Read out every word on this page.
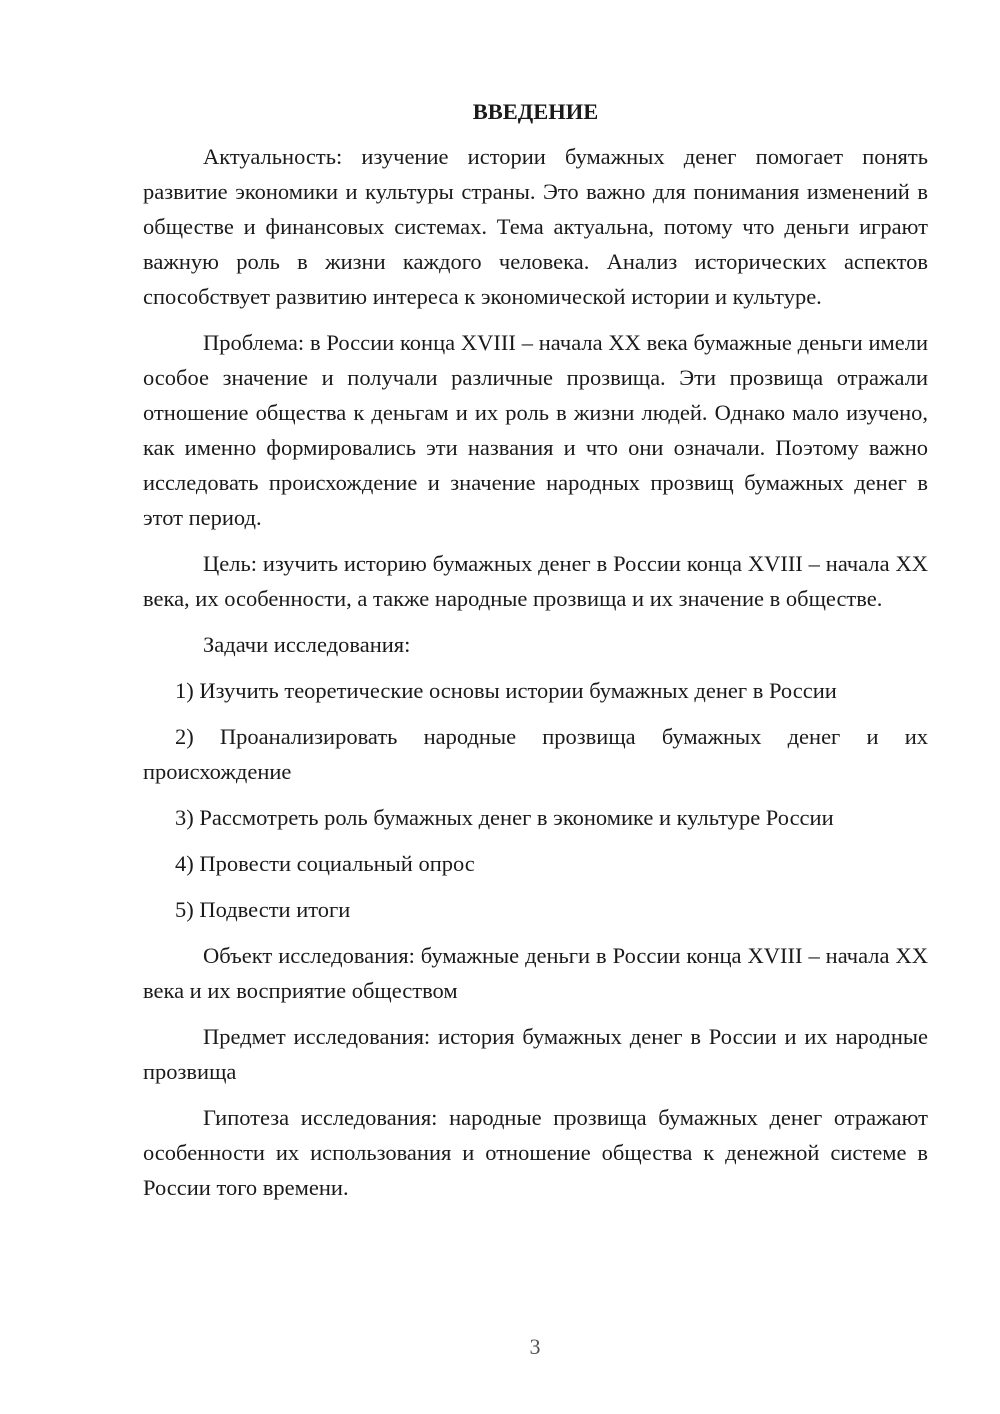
ВВЕДЕНИЕ

Актуальность: изучение истории бумажных денег помогает понять развитие экономики и культуры страны. Это важно для понимания изменений в обществе и финансовых системах. Тема актуальна, потому что деньги играют важную роль в жизни каждого человека. Анализ исторических аспектов способствует развитию интереса к экономической истории и культуре.

Проблема: в России конца XVIII – начала XX века бумажные деньги имели особое значение и получали различные прозвища. Эти прозвища отражали отношение общества к деньгам и их роль в жизни людей. Однако мало изучено, как именно формировались эти названия и что они означали. Поэтому важно исследовать происхождение и значение народных прозвищ бумажных денег в этот период.

Цель: изучить историю бумажных денег в России конца XVIII – начала XX века, их особенности, а также народные прозвища и их значение в обществе.

Задачи исследования:

1) Изучить теоретические основы истории бумажных денег в России

2) Проанализировать народные прозвища бумажных денег и их происхождение

3) Рассмотреть роль бумажных денег в экономике и культуре России

4) Провести социальный опрос

5) Подвести итоги

Объект исследования: бумажные деньги в России конца XVIII – начала XX века и их восприятие обществом

Предмет исследования: история бумажных денег в России и их народные прозвища

Гипотеза исследования: народные прозвища бумажных денег отражают особенности их использования и отношение общества к денежной системе в России того времени.

3
